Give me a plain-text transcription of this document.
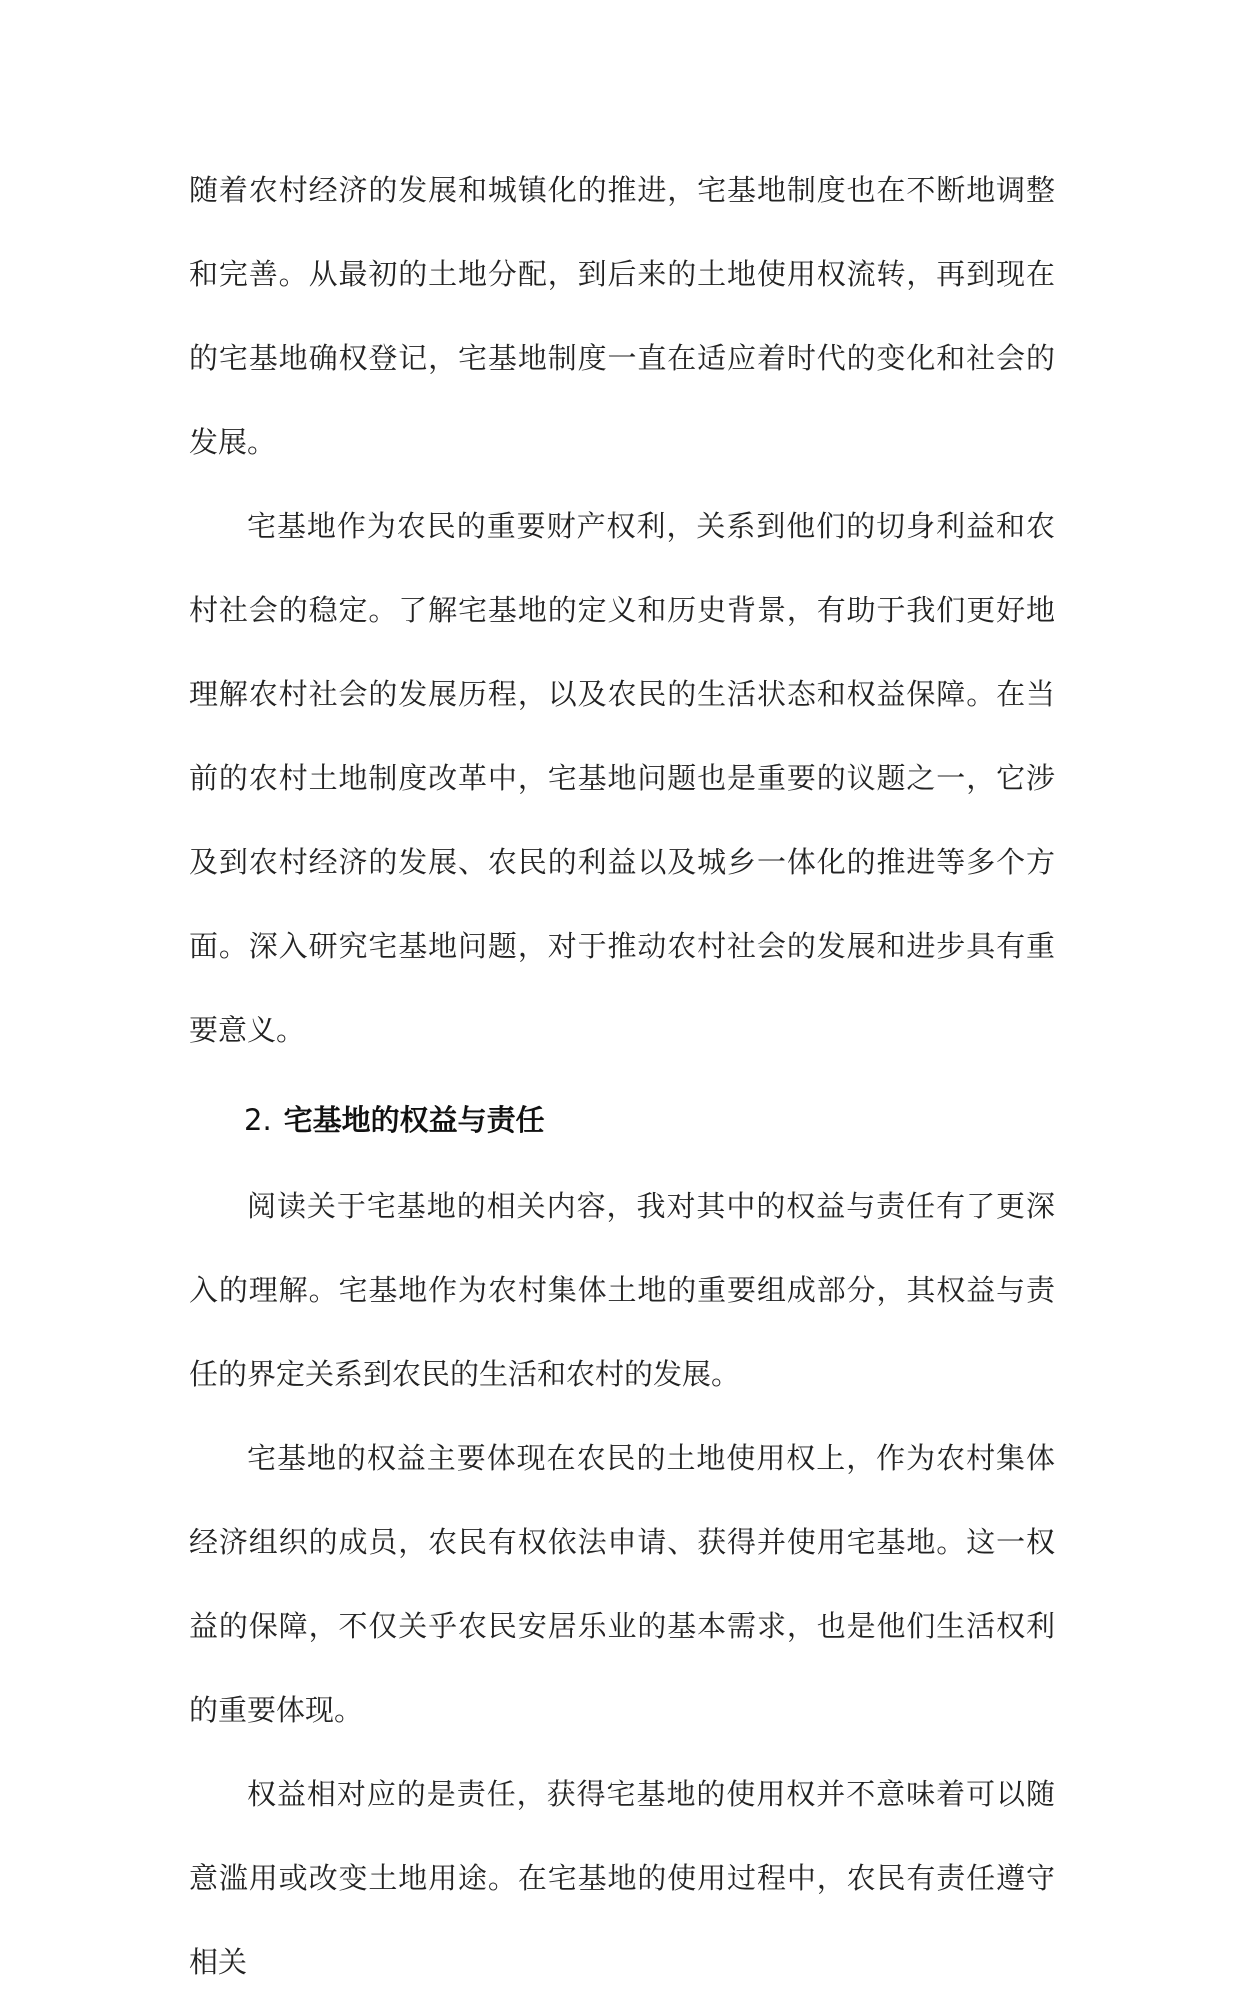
随着农村经济的发展和城镇化的推进，宅基地制度也在不断地调整和完善。从最初的土地分配，到后来的土地使用权流转，再到现在的宅基地确权登记，宅基地制度一直在适应着时代的变化和社会的发展。

宅基地作为农民的重要财产权利，关系到他们的切身利益和农村社会的稳定。了解宅基地的定义和历史背景，有助于我们更好地理解农村社会的发展历程，以及农民的生活状态和权益保障。在当前的农村土地制度改革中，宅基地问题也是重要的议题之一，它涉及到农村经济的发展、农民的利益以及城乡一体化的推进等多个方面。深入研究宅基地问题，对于推动农村社会的发展和进步具有重要意义。

2. 宅基地的权益与责任

阅读关于宅基地的相关内容，我对其中的权益与责任有了更深入的理解。宅基地作为农村集体土地的重要组成部分，其权益与责任的界定关系到农民的生活和农村的发展。

宅基地的权益主要体现在农民的土地使用权上，作为农村集体经济组织的成员，农民有权依法申请、获得并使用宅基地。这一权益的保障，不仅关乎农民安居乐业的基本需求，也是他们生活权利的重要体现。

权益相对应的是责任，获得宅基地的使用权并不意味着可以随意滥用或改变土地用途。在宅基地的使用过程中，农民有责任遵守相关
